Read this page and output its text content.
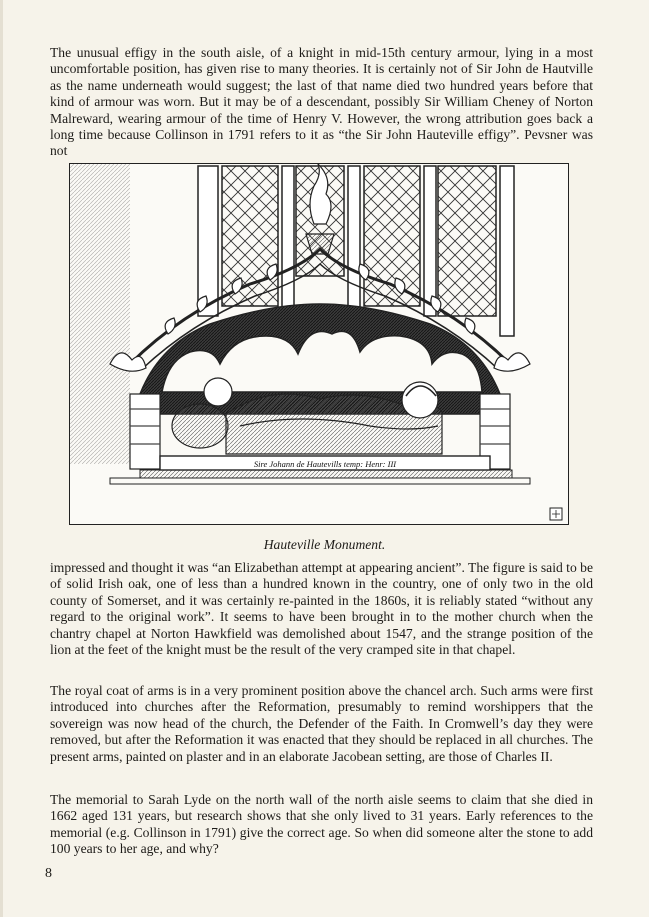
The unusual effigy in the south aisle, of a knight in mid-15th century armour, lying in a most uncomfortable position, has given rise to many theories. It is certainly not of Sir John de Hautville as the name underneath would suggest; the last of that name died two hundred years before that kind of armour was worn. But it may be of a descendant, possibly Sir William Cheney of Norton Malreward, wearing armour of the time of Henry V. However, the wrong attribution goes back a long time because Collinson in 1791 refers to it as “the Sir John Hauteville effigy”. Pevsner was not

Sire Johann de Hautevills temp: Henr: III
Hauteville Monument.

impressed and thought it was “an Elizabethan attempt at appearing ancient”. The figure is said to be of solid Irish oak, one of less than a hundred known in the country, one of only two in the old county of Somerset, and it was certainly re-painted in the 1860s, it is reliably stated “without any regard to the original work”. It seems to have been brought in to the mother church when the chantry chapel at Norton Hawkfield was demolished about 1547, and the strange position of the lion at the feet of the knight must be the result of the very cramped site in that chapel.

The royal coat of arms is in a very prominent position above the chancel arch. Such arms were first introduced into churches after the Reformation, presumably to remind worshippers that the sovereign was now head of the church, the Defender of the Faith. In Cromwell’s day they were removed, but after the Reformation it was enacted that they should be replaced in all churches. The present arms, painted on plaster and in an elaborate Jacobean setting, are those of Charles II.

The memorial to Sarah Lyde on the north wall of the north aisle seems to claim that she died in 1662 aged 131 years, but research shows that she only lived to 31 years. Early references to the memorial (e.g. Collinson in 1791) give the correct age. So when did someone alter the stone to add 100 years to her age, and why?

8
